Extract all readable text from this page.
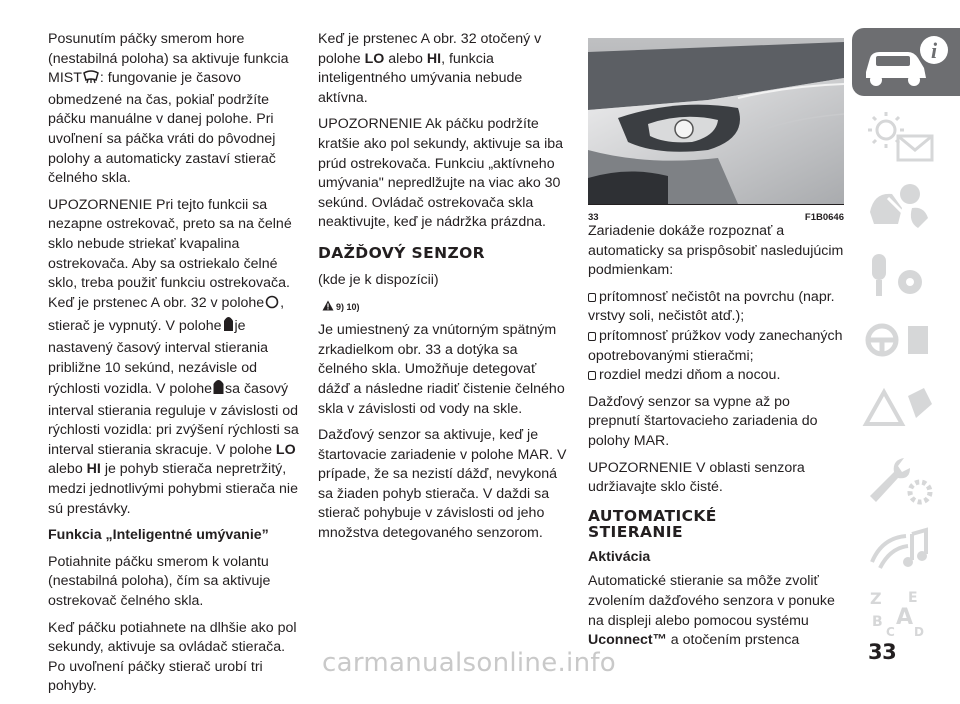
Posunutím páčky smerom hore (nestabilná poloha) sa aktivuje funkcia MIST : fungovanie je časovo obmedzené na čas, pokiaľ podržíte páčku manuálne v danej polohe. Pri uvoľnení sa páčka vráti do pôvodnej polohy a automaticky zastaví stierač čelného skla.

UPOZORNENIE Pri tejto funkcii sa nezapne ostrekovač, preto sa na čelné sklo nebude striekať kvapalina ostrekovača. Aby sa ostriekalo čelné sklo, treba použiť funkciu ostrekovača. Keď je prstenec A obr. 32 v polohe , stierač je vypnutý. V polohe je nastavený časový interval stierania približne 10 sekúnd, nezávisle od rýchlosti vozidla. V polohe sa časový interval stierania reguluje v závislosti od rýchlosti vozidla: pri zvýšení rýchlosti sa interval stierania skracuje. V polohe LO alebo HI je pohyb stierača nepretržitý, medzi jednotlivými pohybmi stierača nie sú prestávky.

Funkcia „Inteligentné umývanie”

Potiahnite páčku smerom k volantu (nestabilná poloha), čím sa aktivuje ostrekovač čelného skla.

Keď páčku potiahnete na dlhšie ako pol sekundy, aktivuje sa ovládač stierača. Po uvoľnení páčky stierač urobí tri pohyby.

Keď je prstenec A obr. 32 otočený v polohe LO alebo HI, funkcia inteligentného umývania nebude aktívna.

UPOZORNENIE Ak páčku podržíte kratšie ako pol sekundy, aktivuje sa iba prúd ostrekovača. Funkciu „aktívneho umývania" nepredlžujte na viac ako 30 sekúnd. Ovládač ostrekovača skla neaktivujte, keď je nádržka prázdna.

DAŽĎOVÝ SENZOR

(kde je k dispozícii)

$^{9) 10)}$

Je umiestnený za vnútorným spätným zrkadielkom obr. 33 a dotýka sa čelného skla. Umožňuje detegovať dážď a následne riadiť čistenie čelného skla v závislosti od vody na skle.

Dažďový senzor sa aktivuje, keď je štartovacie zariadenie v polohe MAR. V prípade, že sa nezistí dážď, nevykoná sa žiaden pohyb stierača. V daždi sa stierač pohybuje v závislosti od jeho množstva detegovaného senzorom.

33	F1B0646

Zariadenie dokáže rozpoznať a automaticky sa prispôsobiť nasledujúcim podmienkam:

prítomnosť nečistôt na povrchu (napr. vrstvy soli, nečistôt atď.);

prítomnosť prúžkov vody zanechaných opotrebovanými stieračmi;

rozdiel medzi dňom a nocou.

Dažďový senzor sa vypne až po prepnutí štartovacieho zariadenia do polohy MAR.

UPOZORNENIE V oblasti senzora udržiavajte sklo čisté.

AUTOMATICKÉ
STIERANIE

Aktivácia

Automatické stieranie sa môže zvoliť zvolením dažďového senzora v ponuke na displeji alebo pomocou systému Uconnect™ a otočením prstenca

i
Z E
B A
C D
33
carmanualsonline.info
